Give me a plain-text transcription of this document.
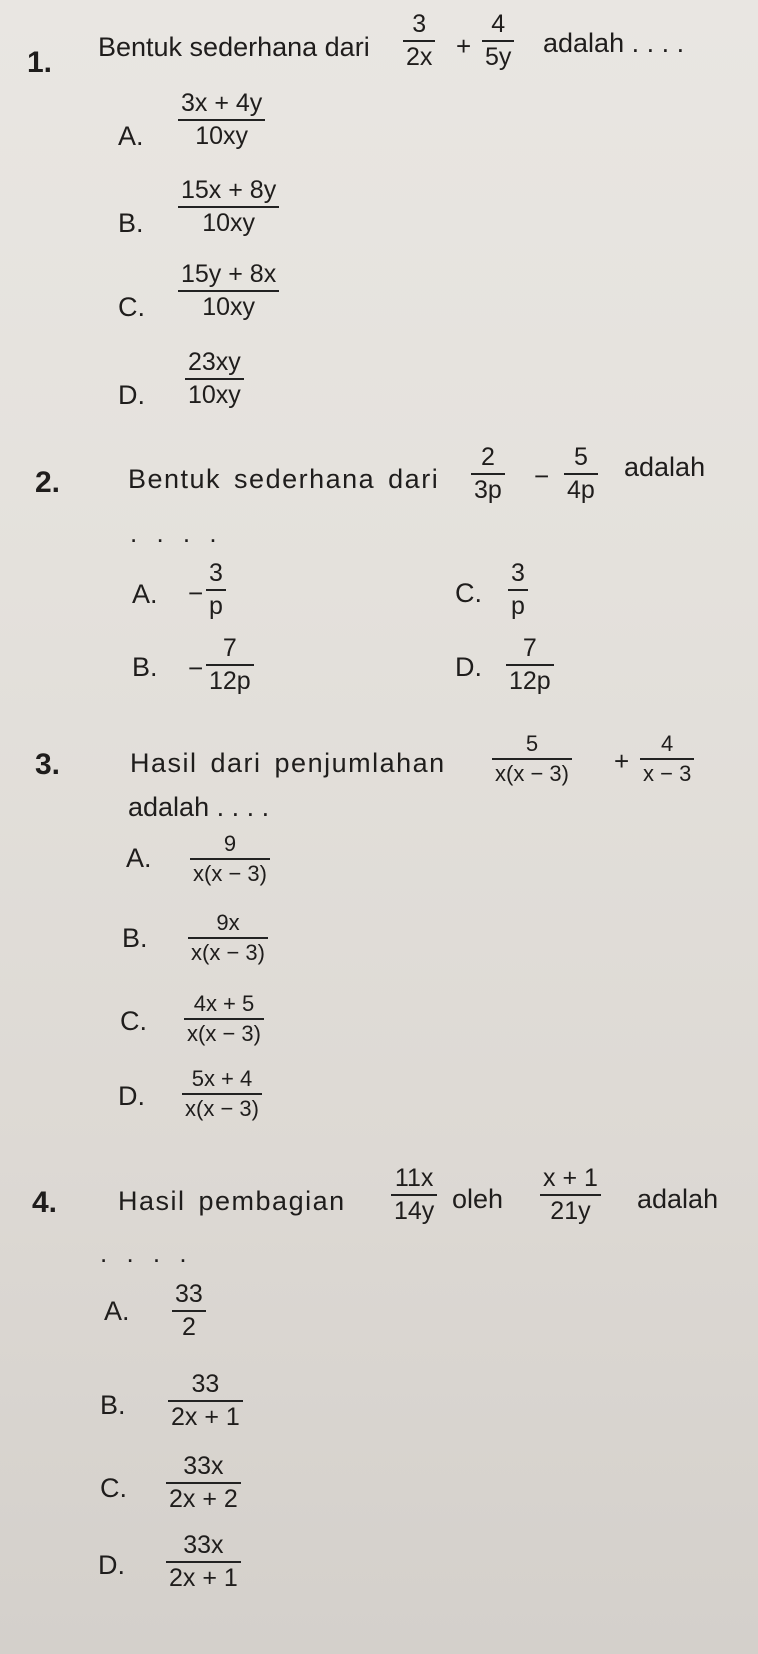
1. Bentuk sederhana dari
3
2x +
4
5y adalah . . . .
A.
3x + 4y
10xy
B.
15x + 8y
10xy
C.
15y + 8x
10xy
D.
23xy
10xy
2.	Bentuk sederhana dari
2
3p −
5
4p
adalah
. . . .
A. −
3
p	C.
3
p
B. −
7
12p	D.
7
12p
3.	Hasil dari penjumlahan
5
x(x − 3) +
4
x − 3
adalah . . . .
A.	9
x(x − 3)
B.
9x
x(x − 3)
C.
4x + 5
x(x − 3)
D.
5x + 4
x(x − 3)
4. Hasil pembagian
11x
14y oleh
x + 1
21y adalah
. . . .
A.
33
2
B.
33
2x + 1
C.
33x
2x + 2
D.
33x
2x + 1
